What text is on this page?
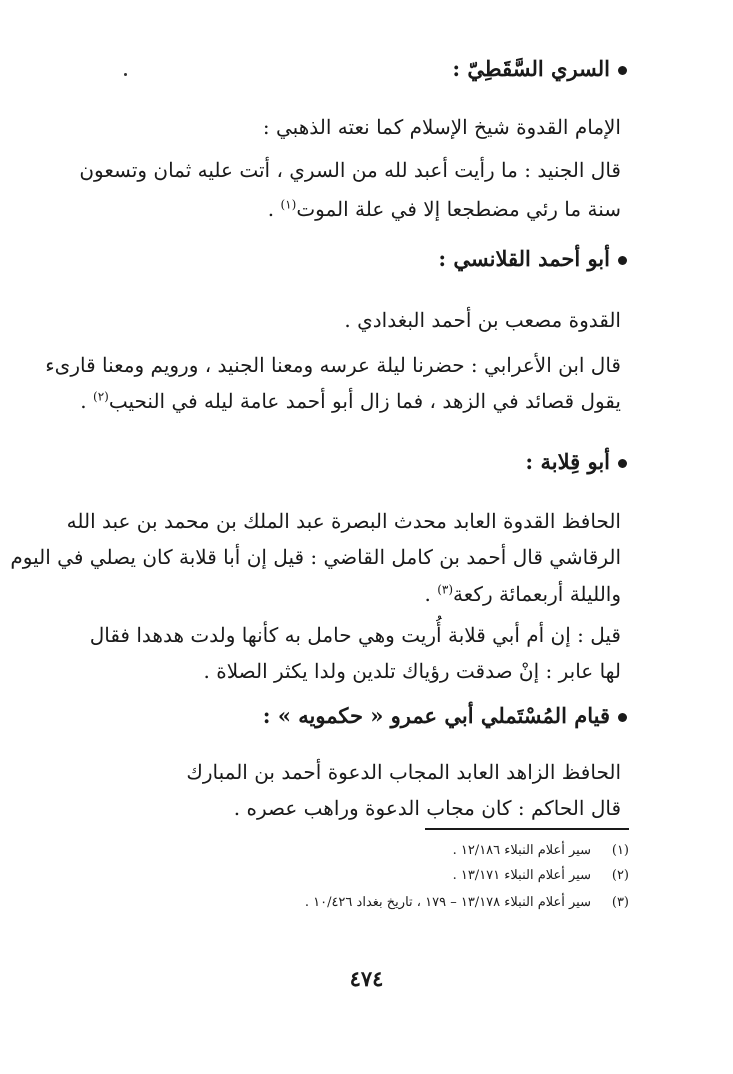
السري السَّقَطِيّ :
الإمام القدوة شيخ الإسلام كما نعته الذهبي :
قال الجنيد : ما رأيت أعبد لله من السري ، أتت عليه ثمان وتسعون
سنة ما رئي مضطجعا إلا في علة الموت$^{(١)}$ .
أبو أحمد القلانسي :
القدوة مصعب بن أحمد البغدادي .
قال ابن الأعرابي : حضرنا ليلة عرسه ومعنا الجنيد ، ورويم ومعنا قارىء
يقول قصائد في الزهد ، فما زال أبو أحمد عامة ليله في النحيب$^{(٢)}$ .
أبو قِلابة :
الحافظ القدوة العابد محدث البصرة عبد الملك بن محمد بن عبد الله
الرقاشي قال أحمد بن كامل القاضي : قيل إن أبا قلابة كان يصلي في اليوم
والليلة أربعمائة ركعة$^{(٣)}$ .
قيل : إن أم أبي قلابة أُريت وهي حامل به كأنها ولدت هدهدا فقال
لها عابر : إنْ صدقت رؤياك تلدين ولدا يكثر الصلاة .
قيام المُسْتَملي أبي عمرو « حكمويه » :
الحافظ الزاهد العابد المجاب الدعوة أحمد بن المبارك
قال الحاكم : كان مجاب الدعوة وراهب عصره .
(١)سير أعلام النبلاء ١٢/١٨٦ .
(٢)سير أعلام النبلاء ١٣/١٧١ .
(٣)سير أعلام النبلاء ١٣/١٧٨ – ١٧٩ ، تاريخ بغداد ١٠/٤٢٦ .
٤٧٤
